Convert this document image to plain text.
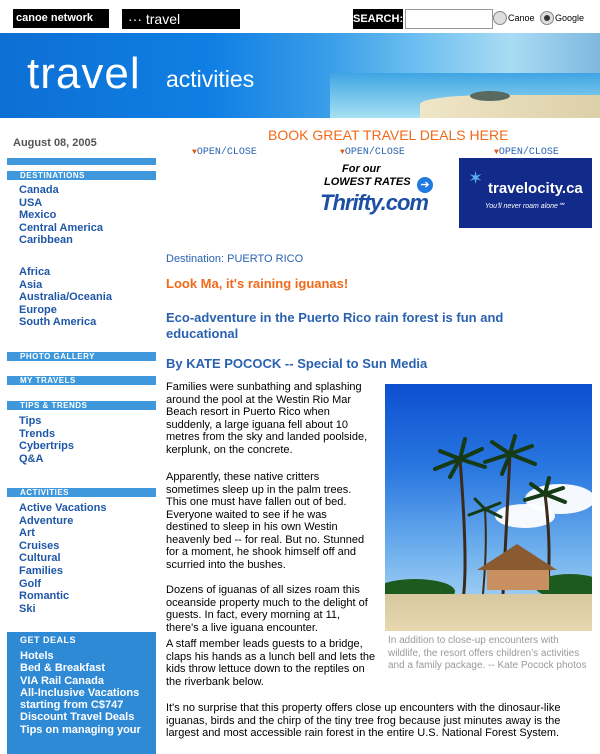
canoe network	··· travel	SEARCH:	Canoe Google
travel activities
August 08, 2005
DESTINATIONS
Canada
USA
Mexico
Central America
Caribbean
Africa
Asia
Australia/Oceania
Europe
South America
PHOTO GALLERY
MY TRAVELS
TIPS & TRENDS
Tips
Trends
Cybertrips
Q&A
ACTIVITIES
Active Vacations
Adventure
Art
Cruises
Cultural
Families
Golf
Romantic
Ski
GET DEALS
Hotels
Bed & Breakfast
VIA Rail Canada
All-Inclusive Vacations
starting from C$747
Discount Travel Deals
Tips on managing your
BOOK GREAT TRAVEL DEALS HERE
▼OPEN/CLOSE	▼OPEN/CLOSE	▼OPEN/CLOSE
For our
LOWEST RATES ➔
Thrifty.com
✶
travelocity.ca
You'll never roam alone℠
Destination: PUERTO RICO
Look Ma, it's raining iguanas!
Eco-adventure in the Puerto Rico rain forest is fun and educational
By KATE POCOCK -- Special to Sun Media
Families were sunbathing and splashing around the pool at the Westin Rio Mar Beach resort in Puerto Rico when suddenly, a large iguana fell about 10 metres from the sky and landed poolside, kerplunk, on the concrete.
Apparently, these native critters sometimes sleep up in the palm trees. This one must have fallen out of bed. Everyone waited to see if he was destined to sleep in his own Westin heavenly bed -- for real. But no. Stunned for a moment, he shook himself off and scurried into the bushes.
Dozens of iguanas of all sizes roam this oceanside property much to the delight of guests. In fact, every morning at 11, there's a live iguana encounter.
A staff member leads guests to a bridge, claps his hands as a lunch bell and lets the kids throw lettuce down to the reptiles on the riverbank below.
It's no surprise that this property offers close up encounters with the dinosaur-like iguanas, birds and the chirp of the tiny tree frog because just minutes away is the largest and most accessible rain forest in the entire U.S. National Forest System.
In addition to close-up encounters with wildlife, the resort offers children's activities and a family package. -- Kate Pocock photos
